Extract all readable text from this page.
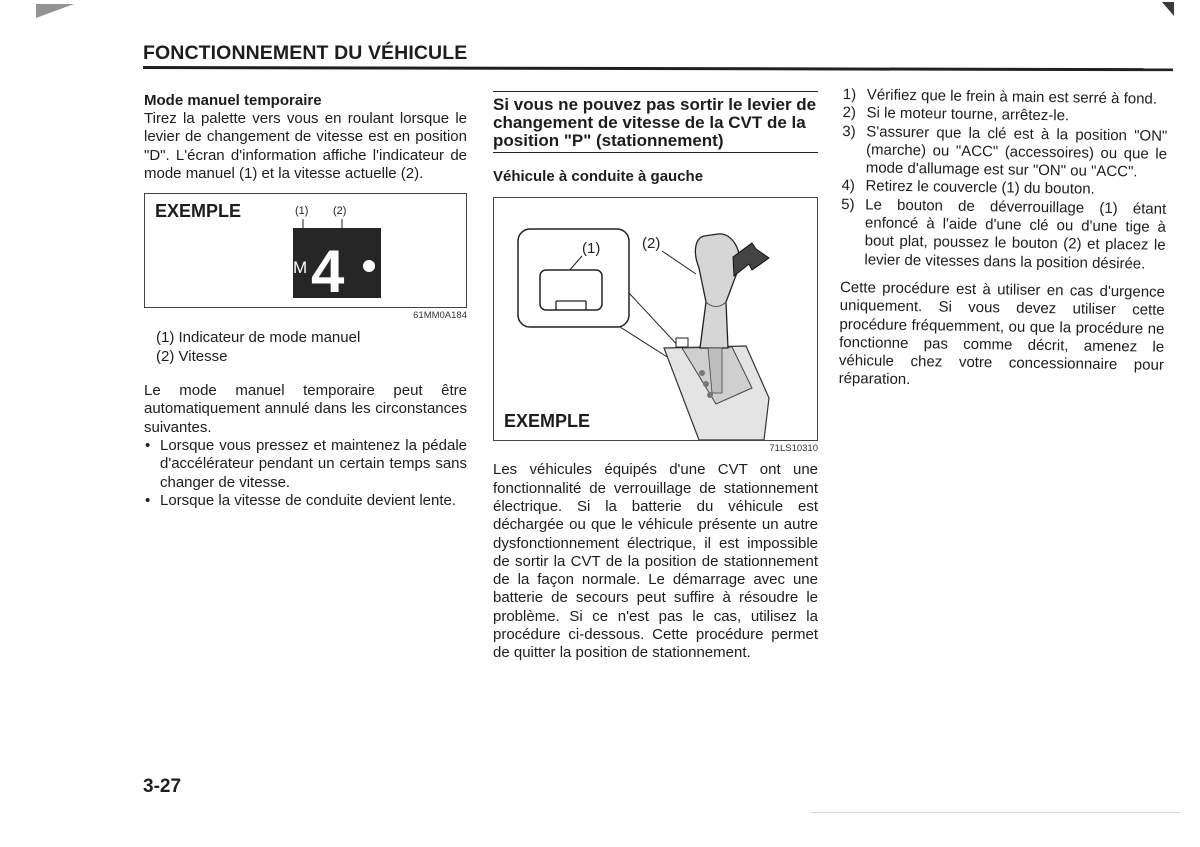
FONCTIONNEMENT DU VÉHICULE

Mode manuel temporaire

Tirez la palette vers vous en roulant lorsque le levier de changement de vitesse est en position "D". L'écran d'information affiche l'indicateur de mode manuel (1) et la vitesse actuelle (2).

EXEMPLE	(1) (2)
M 4
61MM0A184
(1) Indicateur de mode manuel
(2) Vitesse

Le mode manuel temporaire peut être automatiquement annulé dans les circonstances suivantes.

• Lorsque vous pressez et maintenez la pédale d'accélérateur pendant un certain temps sans changer de vitesse.
• Lorsque la vitesse de conduite devient lente.

Si vous ne pouvez pas sortir le levier de changement de vitesse de la CVT de la position "P" (stationnement)

Véhicule à conduite à gauche

(1)	(2)
EXEMPLE
71LS10310

Les véhicules équipés d'une CVT ont une fonctionnalité de verrouillage de stationnement électrique. Si la batterie du véhicule est déchargée ou que le véhicule présente un autre dysfonctionnement électrique, il est impossible de sortir la CVT de la position de stationnement de la façon normale. Le démarrage avec une batterie de secours peut suffire à résoudre le problème. Si ce n'est pas le cas, utilisez la procédure ci-dessous. Cette procédure permet de quitter la position de stationnement.

1) Vérifiez que le frein à main est serré à fond.
2) Si le moteur tourne, arrêtez-le.
3) S'assurer que la clé est à la position "ON" (marche) ou "ACC" (accessoires) ou que le mode d'allumage est sur "ON" ou "ACC".
4) Retirez le couvercle (1) du bouton.
5) Le bouton de déverrouillage (1) étant enfoncé à l'aide d'une clé ou d'une tige à bout plat, poussez le bouton (2) et placez le levier de vitesses dans la position désirée.

Cette procédure est à utiliser en cas d'urgence uniquement. Si vous devez utiliser cette procédure fréquemment, ou que la procédure ne fonctionne pas comme décrit, amenez le véhicule chez votre concessionnaire pour réparation.

3-27
